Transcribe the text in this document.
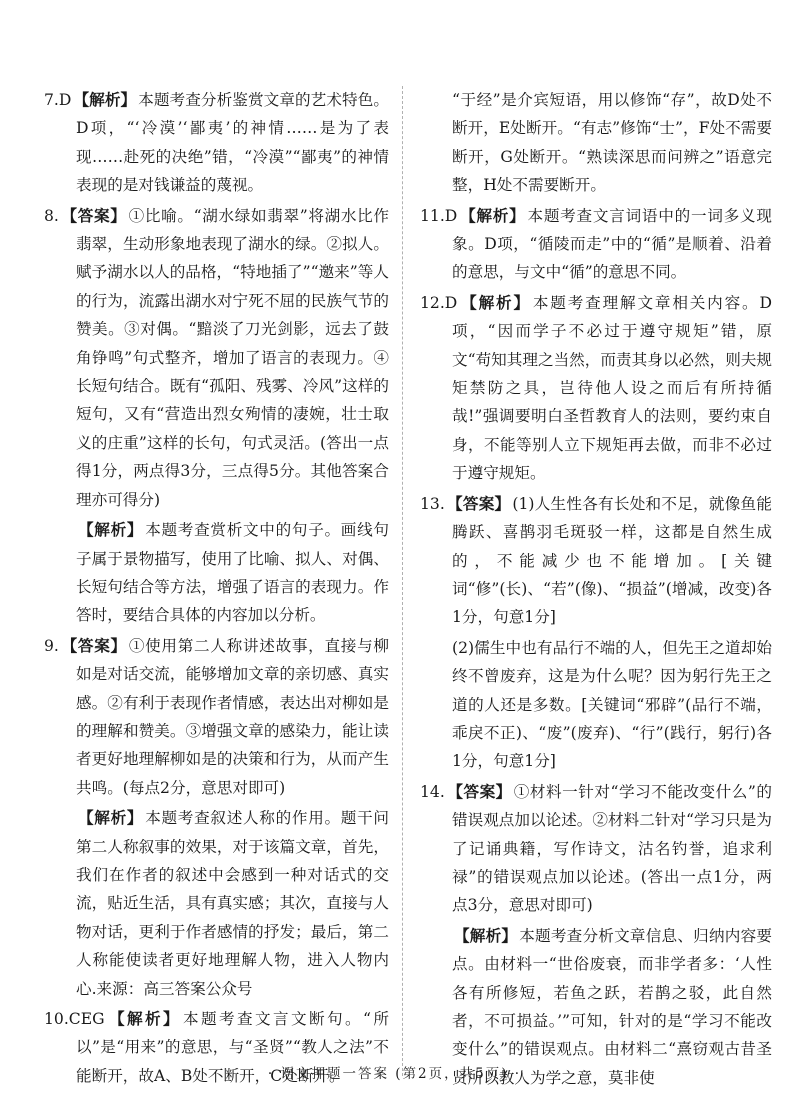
7.D 【解析】 本题考查分析鉴赏文章的艺术特色。D项，“‘冷漠’‘鄙夷’的神情……是为了表现……赴死的决绝”错，“冷漠”“鄙夷”的神情表现的是对钱谦益的蔑视。
8. 【答案】 ①比喻。“湖水绿如翡翠”将湖水比作翡翠，生动形象地表现了湖水的绿。②拟人。赋予湖水以人的品格，“特地插了”“邀来”等人的行为，流露出湖水对宁死不屈的民族气节的赞美。③对偶。“黯淡了刀光剑影，远去了鼓角铮鸣”句式整齐，增加了语言的表现力。④长短句结合。既有“孤阳、残雾、冷风”这样的短句，又有“营造出烈女殉情的凄婉，壮士取义的庄重”这样的长句，句式灵活。(答出一点得1分，两点得3分，三点得5分。其他答案合理亦可得分)
【解析】 本题考查赏析文中的句子。画线句子属于景物描写，使用了比喻、拟人、对偶、长短句结合等方法，增强了语言的表现力。作答时，要结合具体的内容加以分析。
9. 【答案】 ①使用第二人称讲述故事，直接与柳如是对话交流，能够增加文章的亲切感、真实感。②有利于表现作者情感，表达出对柳如是的理解和赞美。③增强文章的感染力，能让读者更好地理解柳如是的决策和行为，从而产生共鸣。(每点2分，意思对即可)
【解析】 本题考查叙述人称的作用。题干问第二人称叙事的效果，对于该篇文章，首先，我们在作者的叙述中会感到一种对话式的交流，贴近生活，具有真实感；其次，直接与人物对话，更利于作者感情的抒发；最后，第二人称能使读者更好地理解人物，进入人物内心.来源：高三答案公众号
10.CEG 【解析】 本题考查文言文断句。“所以”是“用来”的意思，与“圣贤”“教人之法”不能断开，故A、B处不断开，C处断开。
“于经”是介宾短语，用以修饰“存”，故D处不断开，E处断开。“有志”修饰“士”，F处不需要断开，G处断开。“熟读深思而问辨之”语意完整，H处不需要断开。
11.D 【解析】 本题考查文言词语中的一词多义现象。D项，“循陵而走”中的“循”是顺着、沿着的意思，与文中“循”的意思不同。
12.D 【解析】 本题考查理解文章相关内容。D项，“因而学子不必过于遵守规矩”错，原文“苟知其理之当然，而责其身以必然，则夫规矩禁防之具，岂待他人设之而后有所持循哉!”强调要明白圣哲教育人的法则，要约束自身，不能等别人立下规矩再去做，而非不必过于遵守规矩。
13. 【答案】 (1)人生性各有长处和不足，就像鱼能腾跃、喜鹊羽毛斑驳一样，这都是自然生成的，不能减少也不能增加。[关键词“修”(长)、“若”(像)、“损益”(增减，改变)各1分，句意1分]
(2)儒生中也有品行不端的人，但先王之道却始终不曾废弃，这是为什么呢？因为躬行先王之道的人还是多数。[关键词“邪辟”(品行不端，乖戾不正)、“废”(废弃)、“行”(践行，躬行)各1分，句意1分]
14. 【答案】 ①材料一针对“学习不能改变什么”的错误观点加以论述。②材料二针对“学习只是为了记诵典籍，写作诗文，沽名钓誉，追求利禄”的错误观点加以论述。(答出一点1分，两点3分，意思对即可)
【解析】 本题考查分析文章信息、归纳内容要点。由材料一“世俗废衰，而非学者多：‘人性各有所修短，若鱼之跃，若鹊之驳，此自然者，不可损益。’”可知，针对的是“学习不能改变什么”的错误观点。由材料二“熹窃观古昔圣贤所以教人为学之意，莫非使
· 语文押题一答案 (第2页，共5页) ·
